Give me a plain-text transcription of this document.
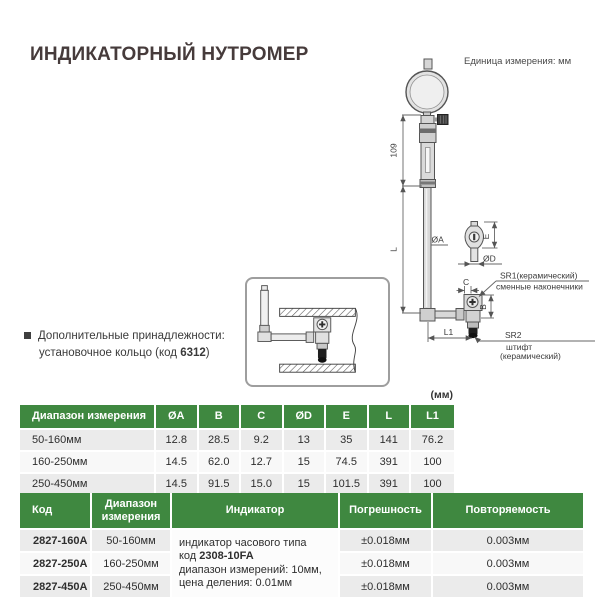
ИНДИКАТОРНЫЙ НУТРОМЕР	Единица измерения: мм
109
L
ØA	E
ØD
C
B
L1
SR1(керамический)
сменные наконечники
SR2
штифт
(керамический)
Дополнительные принадлежности:
установочное кольцо (код 6312)
(мм)
Диапазон измерения	ØA	B	C	ØD	E	L	L1
50-160мм	12.8	28.5	9.2	13	35	141	76.2
160-250мм	14.5	62.0	12.7	15	74.5	391	100
250-450мм	14.5	91.5	15.0	15	101.5	391	100
Код	Диапазон измерения	Индикатор	Погрешность	Повторяемость
2827-160A	50-160мм	индикатор часового типа
код 2308-10FA
диапазон измерений: 10мм,
цена деления: 0.01мм	±0.018мм	0.003мм
2827-250A	160-250мм		±0.018мм	0.003мм
2827-450A	250-450мм		±0.018мм	0.003мм
